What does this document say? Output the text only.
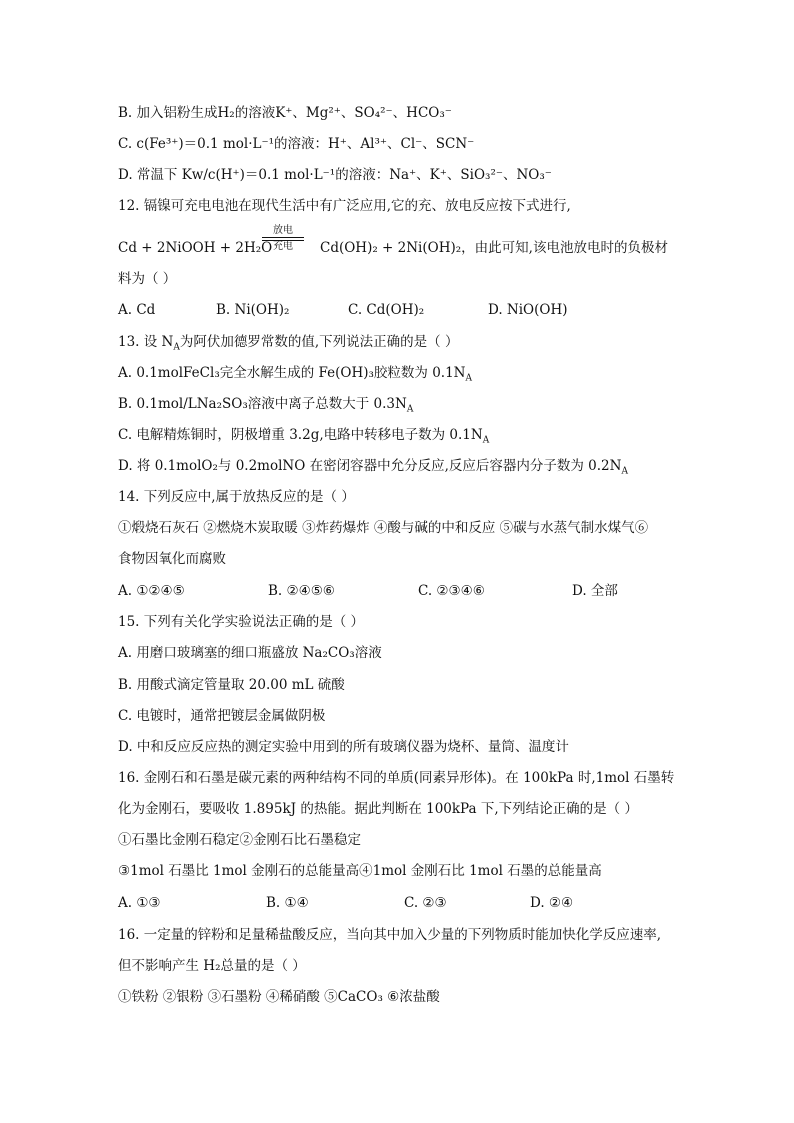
B. 加入铝粉生成H₂的溶液K⁺、Mg²⁺、SO₄²⁻、HCO₃⁻
C. c(Fe³⁺)＝0.1 mol·L⁻¹的溶液：H⁺、Al³⁺、Cl⁻、SCN⁻
D. 常温下 Kw/c(H⁺)＝0.1 mol·L⁻¹的溶液：Na⁺、K⁺、SiO₃²⁻、NO₃⁻
12. 镉镍可充电电池在现代生活中有广泛应用,它的充、放电反应按下式进行,
Cd + 2NiOOH + 2H₂O
放电
充电	Cd(OH)₂ + 2Ni(OH)₂，由此可知,该电池放电时的负极材
料为（ ）
A. Cd	B. Ni(OH)₂	C. Cd(OH)₂	D. NiO(OH)
13. 设 $N_A$为阿伏加德罗常数的值,下列说法正确的是（ ）
A. 0.1molFeCl₃完全水解生成的 Fe(OH)₃胶粒数为 $0.1N_A$
B. 0.1mol/LNa₂SO₃溶液中离子总数大于 $0.3N_A$
C. 电解精炼铜时，阴极增重 3.2g,电路中转移电子数为 $0.1N_A$
D. 将 0.1molO₂与 0.2molNO 在密闭容器中允分反应,反应后容器内分子数为 $0.2N_A$
14. 下列反应中,属于放热反应的是（ ）
①煅烧石灰石 ②燃烧木炭取暖 ③炸药爆炸 ④酸与碱的中和反应 ⑤碳与水蒸气制水煤气⑥
食物因氧化而腐败
A. ①②④⑤	B. ②④⑤⑥	C. ②③④⑥	D. 全部
15. 下列有关化学实验说法正确的是（ ）
A. 用磨口玻璃塞的细口瓶盛放 Na₂CO₃溶液
B. 用酸式滴定管量取 20.00 mL 硫酸
C. 电镀时，通常把镀层金属做阴极
D. 中和反应反应热的测定实验中用到的所有玻璃仪器为烧杯、量筒、温度计
16. 金刚石和石墨是碳元素的两种结构不同的单质(同素异形体)。在 100kPa 时,1mol 石墨转
化为金刚石，要吸收 1.895kJ 的热能。据此判断在 100kPa 下,下列结论正确的是（ ）
①石墨比金刚石稳定②金刚石比石墨稳定
③1mol 石墨比 1mol 金刚石的总能量高④1mol 金刚石比 1mol 石墨的总能量高
A. ①③	B. ①④	C. ②③	D. ②④
16. 一定量的锌粉和足量稀盐酸反应，当向其中加入少量的下列物质时能加快化学反应速率,
但不影响产生 H₂总量的是（ ）
①铁粉 ②银粉 ③石墨粉 ④稀硝酸 ⑤CaCO₃ ⑥浓盐酸
